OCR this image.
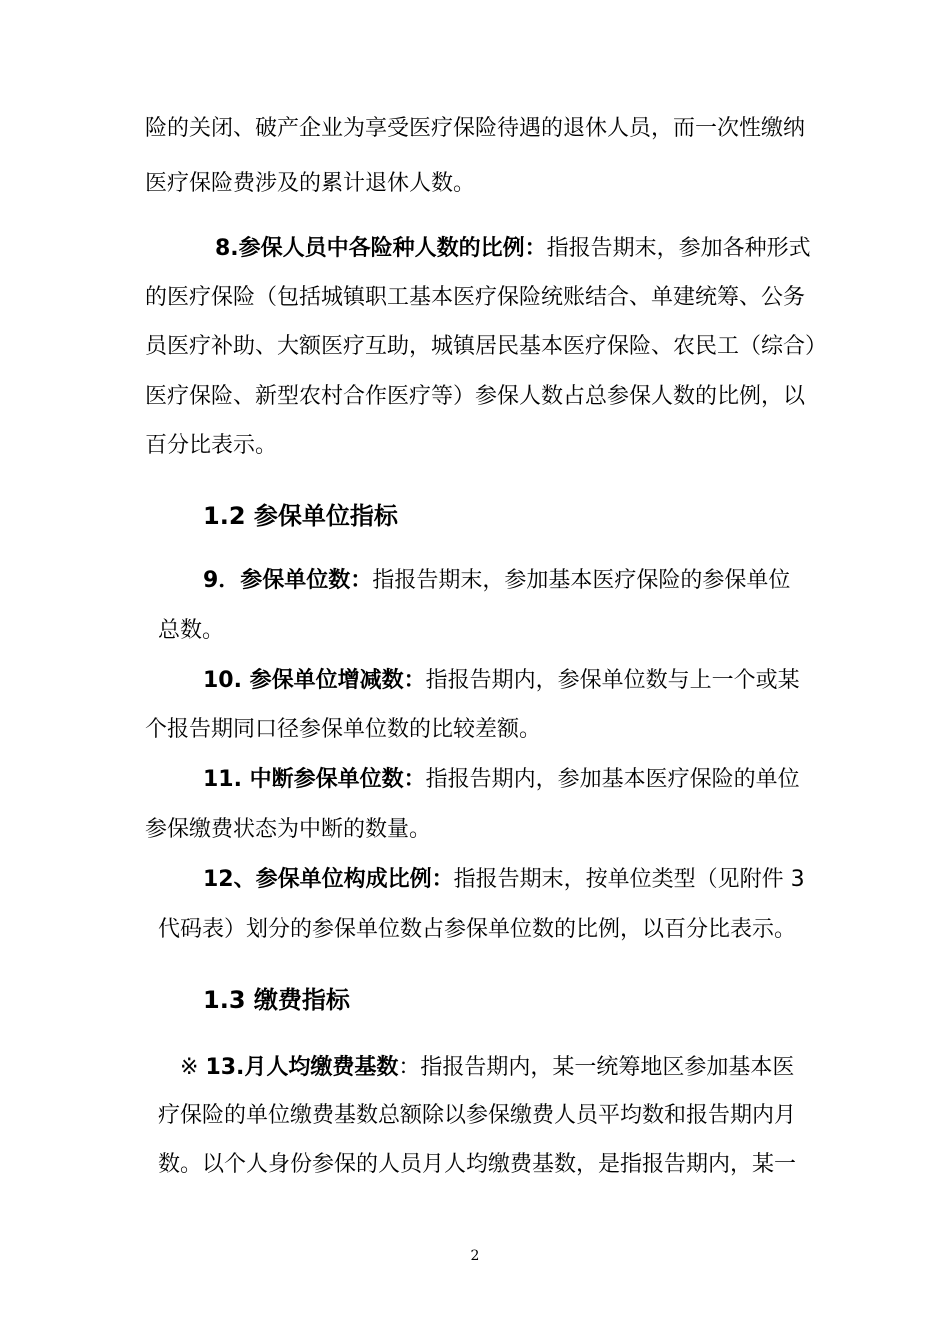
险的关闭、破产企业为享受医疗保险待遇的退休人员，而一次性缴纳
医疗保险费涉及的累计退休人数。
8.参保人员中各险种人数的比例：指报告期末，参加各种形式
的医疗保险（包括城镇职工基本医疗保险统账结合、单建统筹、公务
员医疗补助、大额医疗互助，城镇居民基本医疗保险、农民工（综合）
医疗保险、新型农村合作医疗等）参保人数占总参保人数的比例，以
百分比表示。
1.2 参保单位指标
9．参保单位数：指报告期末，参加基本医疗保险的参保单位
总数。
10. 参保单位增减数：指报告期内，参保单位数与上一个或某
个报告期同口径参保单位数的比较差额。
11. 中断参保单位数：指报告期内，参加基本医疗保险的单位
参保缴费状态为中断的数量。
12、参保单位构成比例：指报告期末，按单位类型（见附件 3
代码表）划分的参保单位数占参保单位数的比例，以百分比表示。
1.3 缴费指标
※ 13.月人均缴费基数：指报告期内，某一统筹地区参加基本医
疗保险的单位缴费基数总额除以参保缴费人员平均数和报告期内月
数。以个人身份参保的人员月人均缴费基数，是指报告期内，某一
2
